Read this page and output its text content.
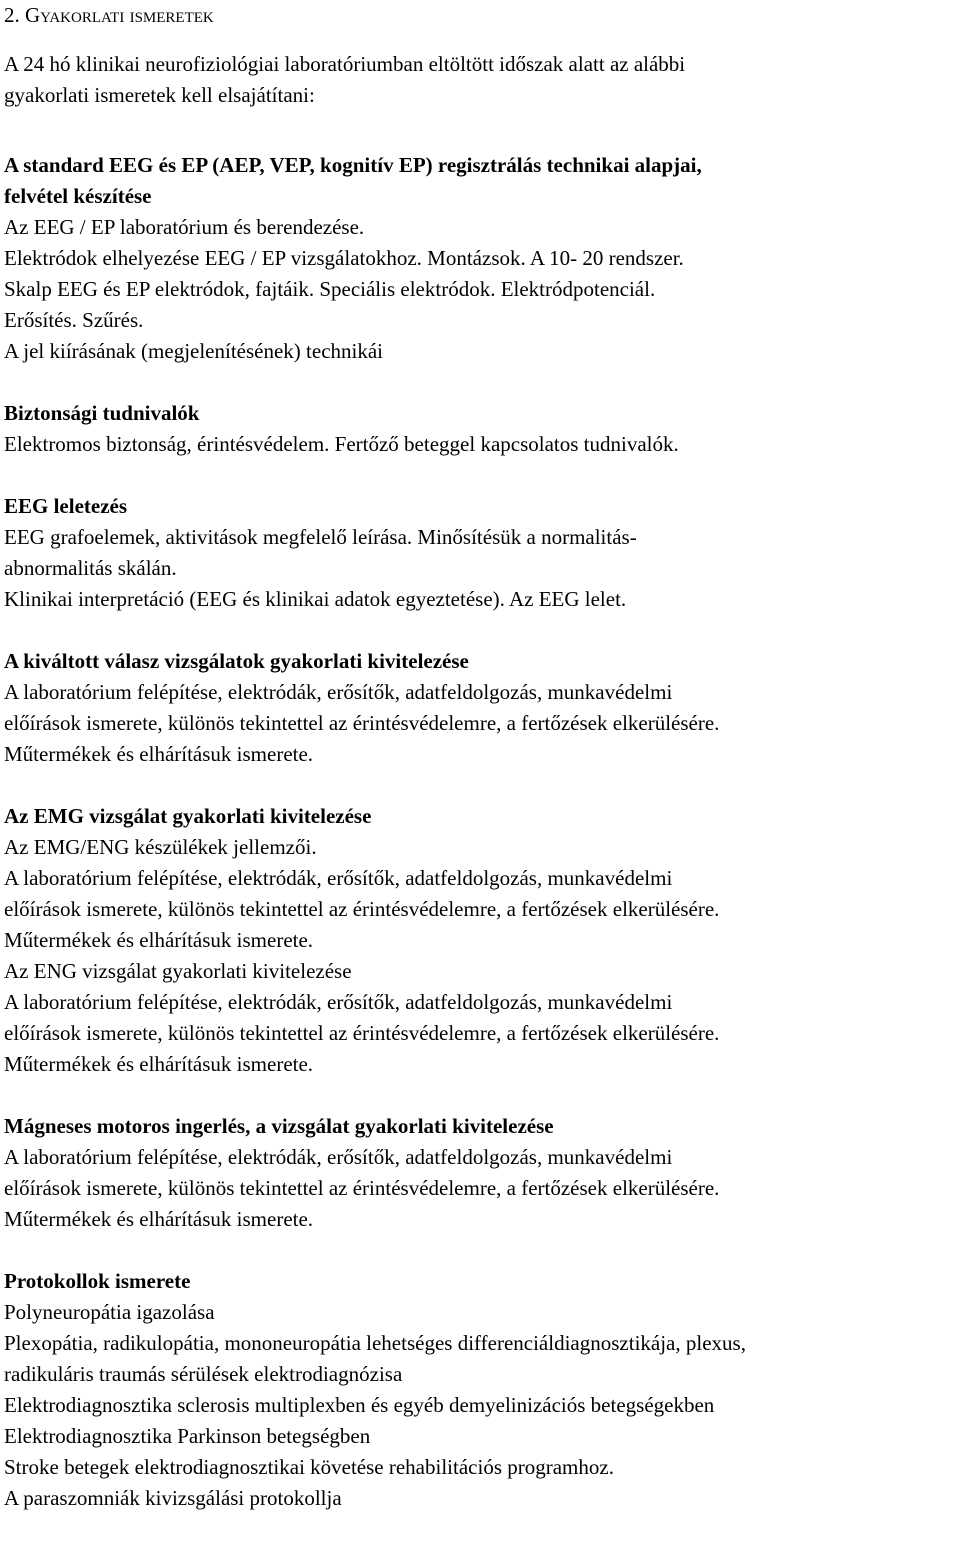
2. Gyakorlati ismeretek
A 24 hó klinikai neurofiziológiai laboratóriumban eltöltött időszak alatt az alábbi
gyakorlati ismeretek kell elsajátítani:
A standard EEG és EP (AEP, VEP, kognitív EP) regisztrálás technikai alapjai,
felvétel készítése
Az EEG / EP laboratórium és berendezése.
Elektródok elhelyezése EEG / EP vizsgálatokhoz. Montázsok. A 10- 20 rendszer.
Skalp EEG és EP elektródok, fajtáik. Speciális elektródok. Elektródpotenciál.
Erősítés. Szűrés.
A jel kiírásának (megjelenítésének) technikái
Biztonsági tudnivalók
Elektromos biztonság, érintésvédelem. Fertőző beteggel kapcsolatos tudnivalók.
EEG leletezés
EEG grafoelemek, aktivitások megfelelő leírása. Minősítésük a normalitás-
abnormalitás skálán.
Klinikai interpretáció (EEG és klinikai adatok egyeztetése). Az EEG lelet.
A kiváltott válasz vizsgálatok gyakorlati kivitelezése
A laboratórium felépítése, elektródák, erősítők, adatfeldolgozás, munkavédelmi
előírások ismerete, különös tekintettel az érintésvédelemre, a fertőzések elkerülésére.
Műtermékek és elhárításuk ismerete.
Az EMG vizsgálat gyakorlati kivitelezése
Az EMG/ENG készülékek jellemzői.
A laboratórium felépítése, elektródák, erősítők, adatfeldolgozás, munkavédelmi
előírások ismerete, különös tekintettel az érintésvédelemre, a fertőzések elkerülésére.
Műtermékek és elhárításuk ismerete.
Az ENG vizsgálat gyakorlati kivitelezése
A laboratórium felépítése, elektródák, erősítők, adatfeldolgozás, munkavédelmi
előírások ismerete, különös tekintettel az érintésvédelemre, a fertőzések elkerülésére.
Műtermékek és elhárításuk ismerete.
Mágneses motoros ingerlés, a vizsgálat gyakorlati kivitelezése
A laboratórium felépítése, elektródák, erősítők, adatfeldolgozás, munkavédelmi
előírások ismerete, különös tekintettel az érintésvédelemre, a fertőzések elkerülésére.
Műtermékek és elhárításuk ismerete.
Protokollok ismerete
Polyneuropátia igazolása
Plexopátia, radikulopátia, mononeuropátia lehetséges differenciáldiagnosztikája, plexus,
radikuláris traumás sérülések elektrodiagnózisa
Elektrodiagnosztika sclerosis multiplexben és egyéb demyelinizációs betegségekben
Elektrodiagnosztika Parkinson betegségben
Stroke betegek elektrodiagnosztikai követése rehabilitációs programhoz.
A paraszomniák kivizsgálási protokollja
